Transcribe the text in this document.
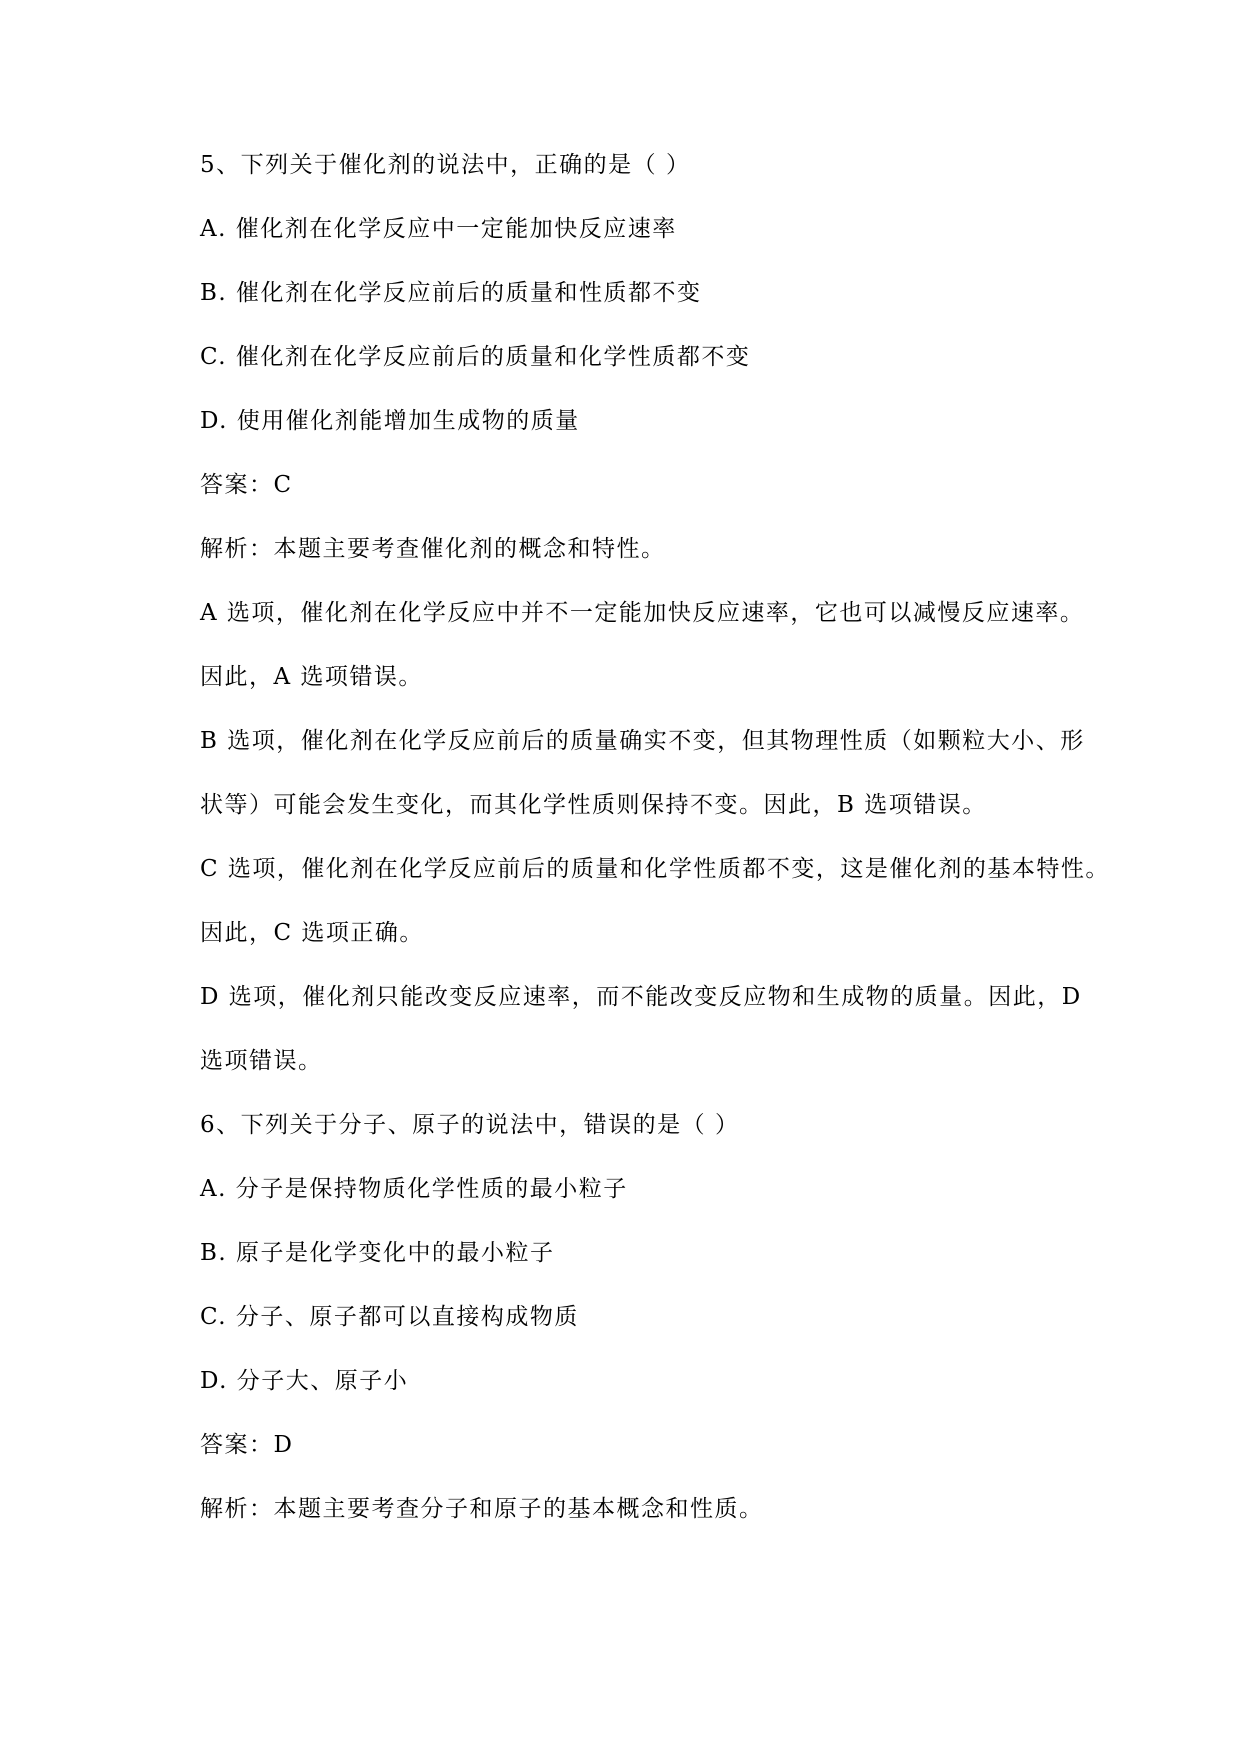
5、下列关于催化剂的说法中，正确的是（ ）
A. 催化剂在化学反应中一定能加快反应速率
B. 催化剂在化学反应前后的质量和性质都不变
C. 催化剂在化学反应前后的质量和化学性质都不变
D. 使用催化剂能增加生成物的质量
答案：C
解析：本题主要考查催化剂的概念和特性。
A 选项，催化剂在化学反应中并不一定能加快反应速率，它也可以减慢反应速率。
因此，A 选项错误。
B 选项，催化剂在化学反应前后的质量确实不变，但其物理性质（如颗粒大小、形
状等）可能会发生变化，而其化学性质则保持不变。因此，B 选项错误。
C 选项，催化剂在化学反应前后的质量和化学性质都不变，这是催化剂的基本特性。
因此，C 选项正确。
D 选项，催化剂只能改变反应速率，而不能改变反应物和生成物的质量。因此，D
选项错误。
6、下列关于分子、原子的说法中，错误的是（ ）
A. 分子是保持物质化学性质的最小粒子
B. 原子是化学变化中的最小粒子
C. 分子、原子都可以直接构成物质
D. 分子大、原子小
答案：D
解析：本题主要考查分子和原子的基本概念和性质。
